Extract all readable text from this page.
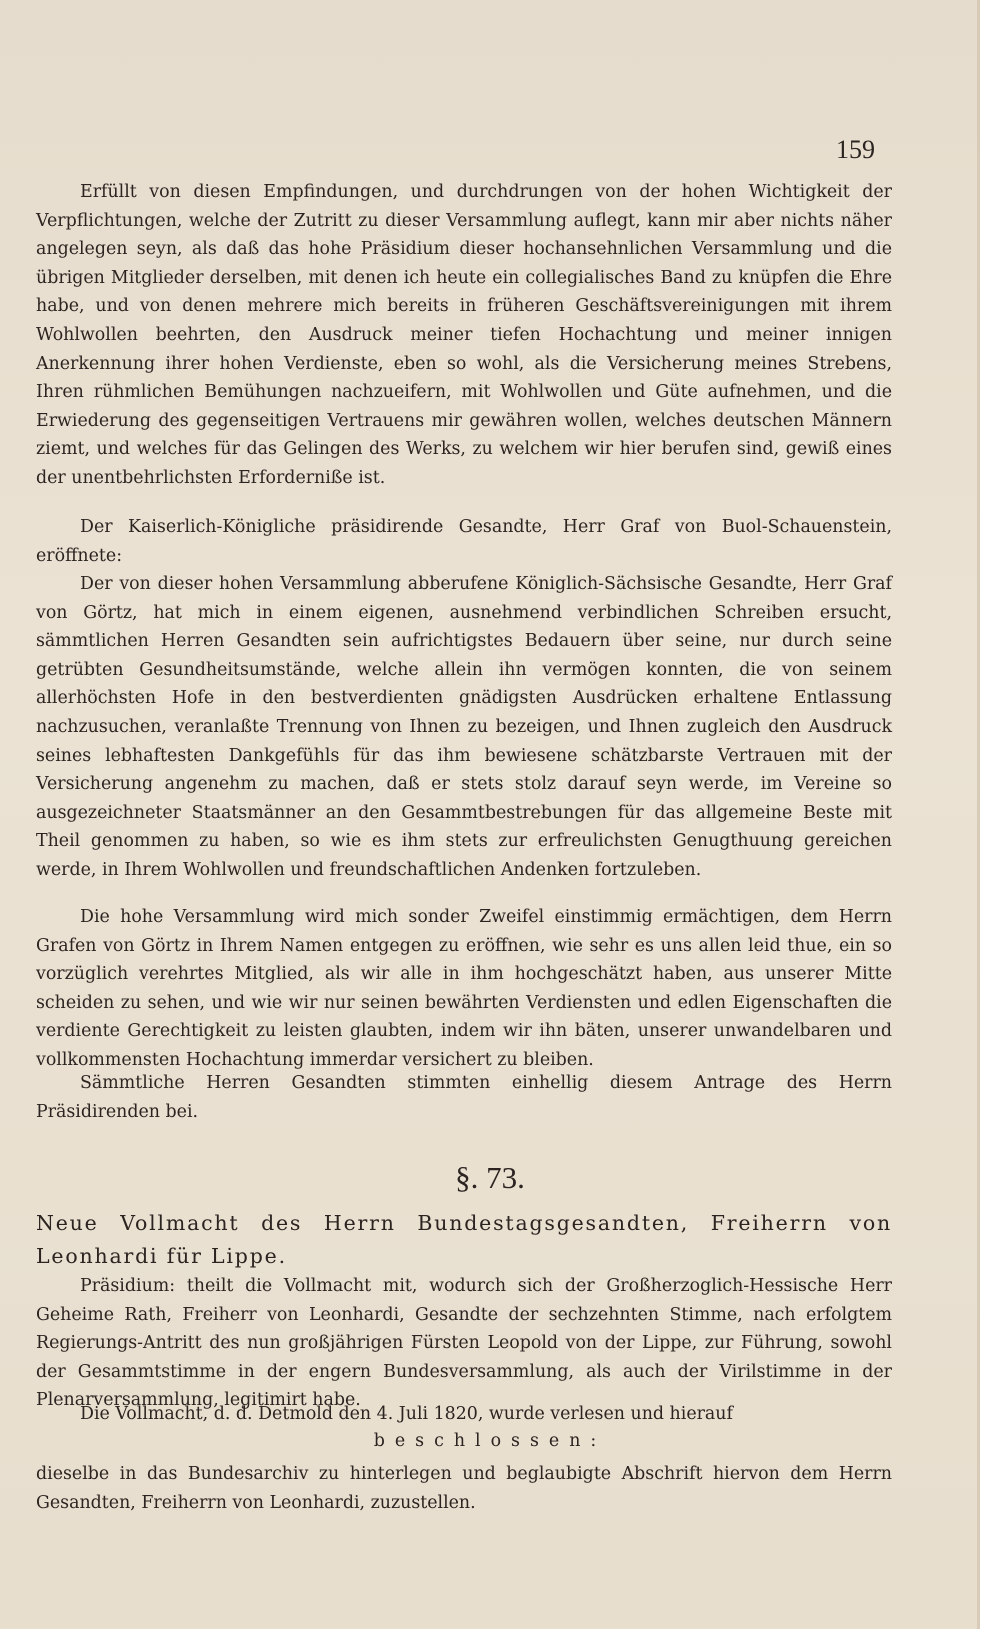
159

Erfüllt von diesen Empfindungen, und durchdrungen von der hohen Wichtigkeit der Verpflichtungen, welche der Zutritt zu dieser Versammlung auflegt, kann mir aber nichts näher angelegen seyn, als daß das hohe Präsidium dieser hochansehnlichen Versammlung und die übrigen Mitglieder derselben, mit denen ich heute ein collegialisches Band zu knüpfen die Ehre habe, und von denen mehrere mich bereits in früheren Geschäftsvereinigungen mit ihrem Wohlwollen beehrten, den Ausdruck meiner tiefen Hochachtung und meiner innigen Anerkennung ihrer hohen Verdienste, eben so wohl, als die Versicherung meines Strebens, Ihren rühmlichen Bemühungen nachzueifern, mit Wohlwollen und Güte aufnehmen, und die Erwiederung des gegenseitigen Vertrauens mir gewähren wollen, welches deutschen Männern ziemt, und welches für das Gelingen des Werks, zu welchem wir hier berufen sind, gewiß eines der unentbehrlichsten Erforderniße ist.

Der Kaiserlich-Königliche präsidirende Gesandte, Herr Graf von Buol-Schauenstein, eröffnete:

Der von dieser hohen Versammlung abberufene Königlich-Sächsische Gesandte, Herr Graf von Görtz, hat mich in einem eigenen, ausnehmend verbindlichen Schreiben ersucht, sämmtlichen Herren Gesandten sein aufrichtigstes Bedauern über seine, nur durch seine getrübten Gesundheitsumstände, welche allein ihn vermögen konnten, die von seinem allerhöchsten Hofe in den bestverdienten gnädigsten Ausdrücken erhaltene Entlassung nachzusuchen, veranlaßte Trennung von Ihnen zu bezeigen, und Ihnen zugleich den Ausdruck seines lebhaftesten Dankgefühls für das ihm bewiesene schätzbarste Vertrauen mit der Versicherung angenehm zu machen, daß er stets stolz darauf seyn werde, im Vereine so ausgezeichneter Staatsmänner an den Gesammtbestrebungen für das allgemeine Beste mit Theil genommen zu haben, so wie es ihm stets zur erfreulichsten Genugthuung gereichen werde, in Ihrem Wohlwollen und freundschaftlichen Andenken fortzuleben.

Die hohe Versammlung wird mich sonder Zweifel einstimmig ermächtigen, dem Herrn Grafen von Görtz in Ihrem Namen entgegen zu eröffnen, wie sehr es uns allen leid thue, ein so vorzüglich verehrtes Mitglied, als wir alle in ihm hochgeschätzt haben, aus unserer Mitte scheiden zu sehen, und wie wir nur seinen bewährten Verdiensten und edlen Eigenschaften die verdiente Gerechtigkeit zu leisten glaubten, indem wir ihn bäten, unserer unwandelbaren und vollkommensten Hochachtung immerdar versichert zu bleiben.

Sämmtliche Herren Gesandten stimmten einhellig diesem Antrage des Herrn Präsidirenden bei.

§. 73.

Neue Vollmacht des Herrn Bundestagsgesandten, Freiherrn von Leonhardi für Lippe.

Präsidium: theilt die Vollmacht mit, wodurch sich der Großherzoglich-Hessische Herr Geheime Rath, Freiherr von Leonhardi, Gesandte der sechzehnten Stimme, nach erfolgtem Regierungs-Antritt des nun großjährigen Fürsten Leopold von der Lippe, zur Führung, sowohl der Gesammtstimme in der engern Bundesversammlung, als auch der Virilstimme in der Plenarversammlung, legitimirt habe.

Die Vollmacht, d. d. Detmold den 4. Juli 1820, wurde verlesen und hierauf

beschlossen:

dieselbe in das Bundesarchiv zu hinterlegen und beglaubigte Abschrift hiervon dem Herrn Gesandten, Freiherrn von Leonhardi, zuzustellen.
